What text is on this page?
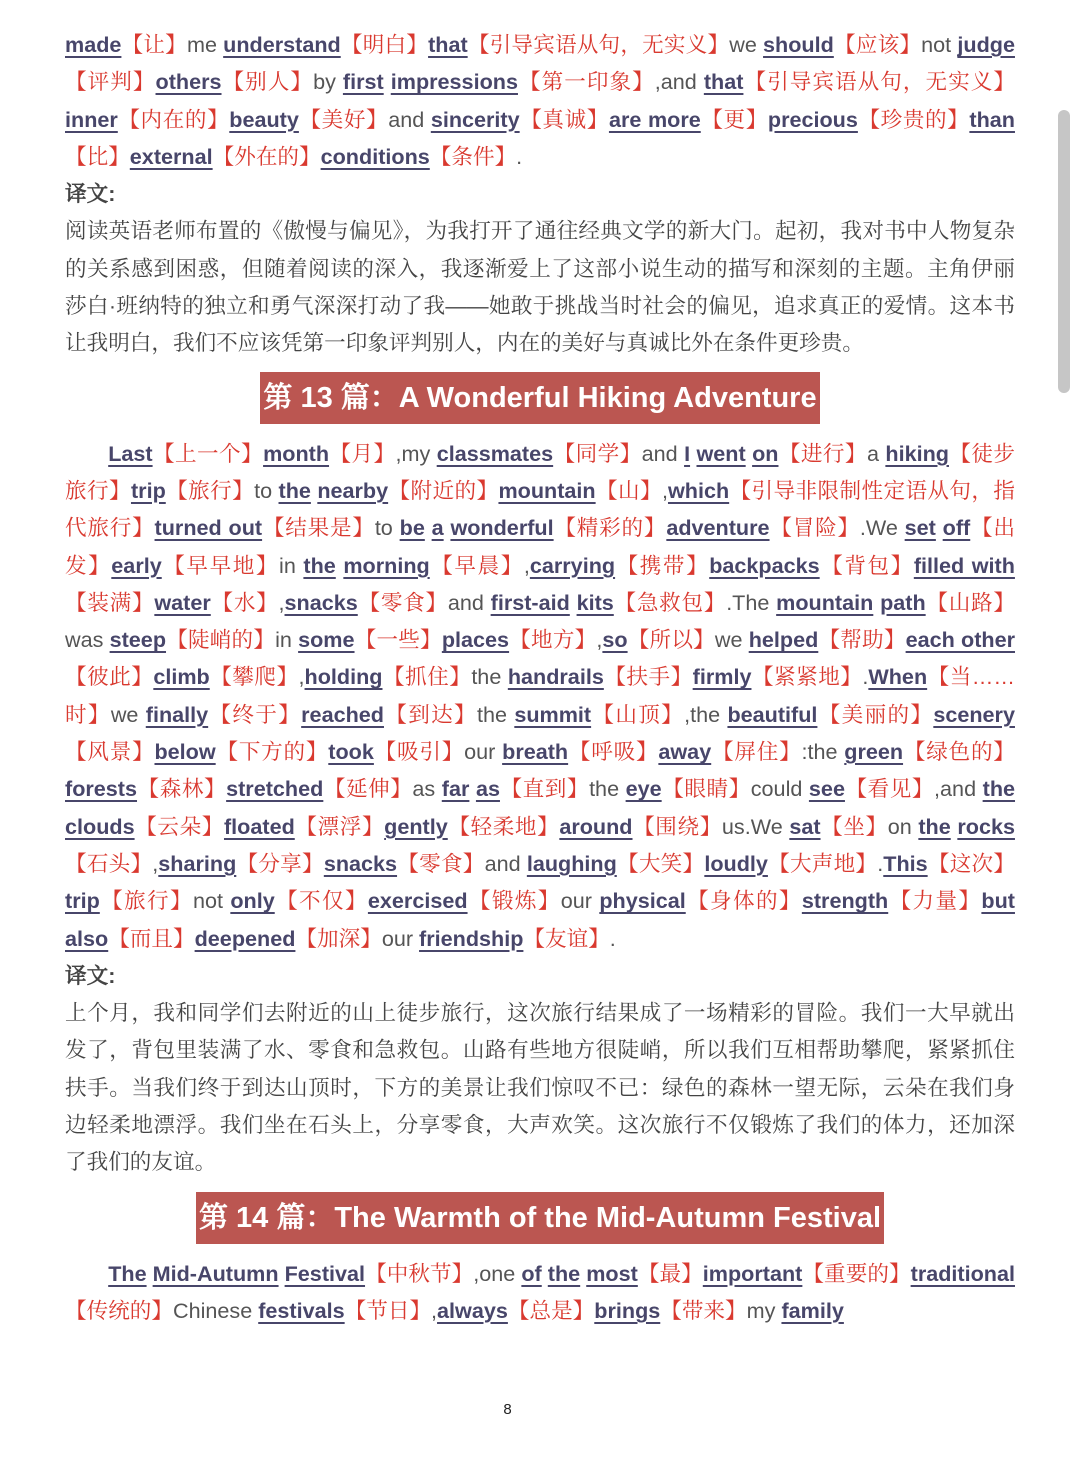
made【让】me understand【明白】that【引导宾语从句，无实义】we should【应该】not judge【评判】others【别人】by first impressions【第一印象】,and that【引导宾语从句，无实义】inner【内在的】beauty【美好】and sincerity【真诚】are more【更】precious【珍贵的】than【比】external【外在的】conditions【条件】.

译文:

阅读英语老师布置的《傲慢与偏见》，为我打开了通往经典文学的新大门。起初，我对书中人物复杂的关系感到困惑，但随着阅读的深入，我逐渐爱上了这部小说生动的描写和深刻的主题。主角伊丽莎白·班纳特的独立和勇气深深打动了我——她敢于挑战当时社会的偏见，追求真正的爱情。这本书让我明白，我们不应该凭第一印象评判别人，内在的美好与真诚比外在条件更珍贵。

第 13 篇：A Wonderful Hiking Adventure

Last【上一个】month【月】,my classmates【同学】and I went on【进行】a hiking【徒步旅行】trip【旅行】to the nearby【附近的】mountain【山】,which【引导非限制性定语从句，指代旅行】turned out【结果是】to be a wonderful【精彩的】adventure【冒险】.We set off【出发】early【早早地】in the morning【早晨】,carrying【携带】backpacks【背包】filled with【装满】water【水】,snacks【零食】and first-aid kits【急救包】.The mountain path【山路】was steep【陡峭的】in some【一些】places【地方】,so【所以】we helped【帮助】each other【彼此】climb【攀爬】,holding【抓住】the handrails【扶手】firmly【紧紧地】.When【当……时】we finally【终于】reached【到达】the summit【山顶】,the beautiful【美丽的】scenery【风景】below【下方的】took【吸引】our breath【呼吸】away【屏住】:the green【绿色的】forests【森林】stretched【延伸】as far as【直到】the eye【眼睛】could see【看见】,and the clouds【云朵】floated【漂浮】gently【轻柔地】around【围绕】us.We sat【坐】on the rocks【石头】,sharing【分享】snacks【零食】and laughing【大笑】loudly【大声地】.This【这次】trip【旅行】not only【不仅】exercised【锻炼】our physical【身体的】strength【力量】but also【而且】deepened【加深】our friendship【友谊】.

译文:

上个月，我和同学们去附近的山上徒步旅行，这次旅行结果成了一场精彩的冒险。我们一大早就出发了，背包里装满了水、零食和急救包。山路有些地方很陡峭，所以我们互相帮助攀爬，紧紧抓住扶手。当我们终于到达山顶时，下方的美景让我们惊叹不已：绿色的森林一望无际，云朵在我们身边轻柔地漂浮。我们坐在石头上，分享零食，大声欢笑。这次旅行不仅锻炼了我们的体力，还加深了我们的友谊。

第 14 篇：The Warmth of the Mid-Autumn Festival

The Mid-Autumn Festival【中秋节】,one of the most【最】important【重要的】traditional【传统的】Chinese festivals【节日】,always【总是】brings【带来】my family

8
